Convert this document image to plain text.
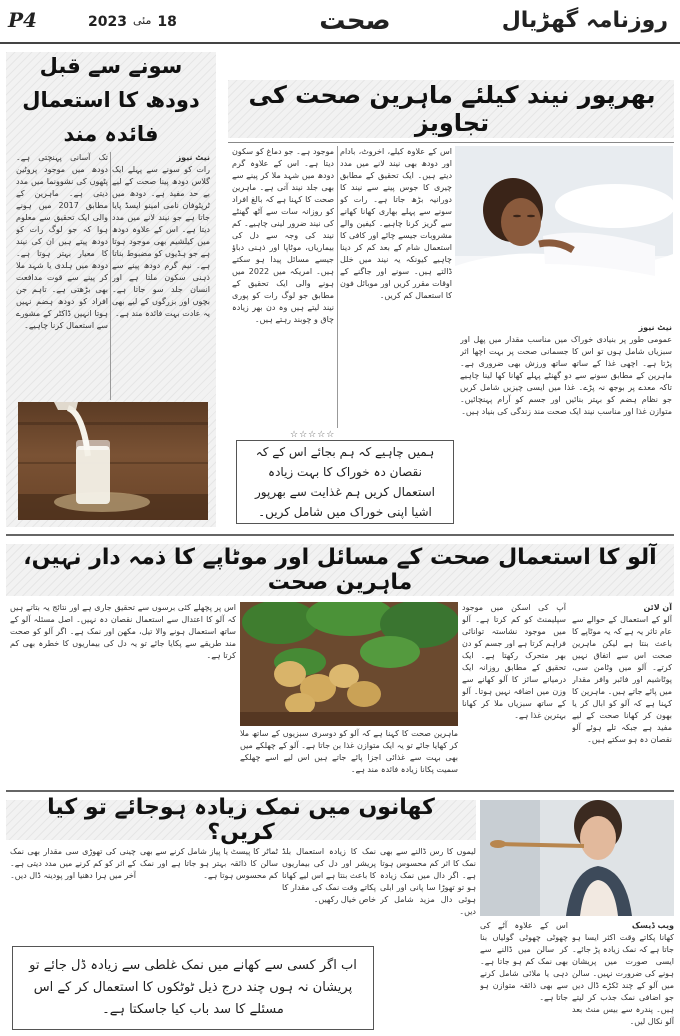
P4	2023 مئی 18	صحت	روزنامہ گھڑیال
سونے سے قبل دودھ کا استعمال فائدہ مند
نیٹ نیوز
رات کو سونے سے پہلے ایک گلاس دودھ پینا صحت کے لیے بے حد مفید ہے۔ دودھ میں ٹرپٹوفان نامی امینو ایسڈ پایا جاتا ہے جو نیند لانے میں مدد دیتا ہے۔ اس کے علاوہ دودھ میں کیلشیم بھی موجود ہوتا ہے جو ہڈیوں کو مضبوط بناتا ہے۔ نیم گرم دودھ پینے سے ذہنی سکون ملتا ہے اور انسان جلد سو جاتا ہے۔ بچوں اور بزرگوں کے لیے بھی یہ عادت بہت فائدہ مند ہے۔
تک آسانی پہنچتی ہے۔ دودھ میں موجود پروٹین پٹھوں کی نشوونما میں مدد دیتی ہے۔ ماہرین کے مطابق 2017 میں ہونے والی ایک تحقیق سے معلوم ہوا کہ جو لوگ رات کو دودھ پیتے ہیں ان کی نیند کا معیار بہتر ہوتا ہے۔ دودھ میں ہلدی یا شہد ملا کر پینے سے قوت مدافعت بھی بڑھتی ہے۔ تاہم جن افراد کو دودھ ہضم نہیں ہوتا انہیں ڈاکٹر کے مشورے سے استعمال کرنا چاہیے۔
بھرپور نیند کیلئے ماہرین صحت کی تجاویز
نیٹ نیوز
عمومی طور پر بنیادی خوراک میں مناسب مقدار میں پھل اور سبزیاں شامل ہوں تو اس کا جسمانی صحت پر بہت اچھا اثر پڑتا ہے۔ اچھی غذا کے ساتھ ساتھ ورزش بھی ضروری ہے۔ ماہرین کے مطابق سونے سے دو گھنٹے پہلے کھانا کھا لینا چاہیے تاکہ معدے پر بوجھ نہ پڑے۔ غذا میں ایسی چیزیں شامل کریں جو نظام ہضم کو بہتر بنائیں اور جسم کو آرام پہنچائیں۔ متوازن غذا اور مناسب نیند ایک صحت مند زندگی کی بنیاد ہیں۔
اس کے علاوہ کیلے، اخروٹ، بادام اور دودھ بھی نیند لانے میں مدد دیتے ہیں۔ ایک تحقیق کے مطابق چیری کا جوس پینے سے نیند کا دورانیہ بڑھ جاتا ہے۔ رات کو سونے سے پہلے بھاری کھانا کھانے سے گریز کرنا چاہیے۔ کیفین والے مشروبات جیسے چائے اور کافی کا استعمال شام کے بعد کم کر دینا چاہیے کیونکہ یہ نیند میں خلل ڈالتے ہیں۔ سونے اور جاگنے کے اوقات مقرر کریں اور موبائل فون کا استعمال کم کریں۔
موجود ہے۔ جو دماغ کو سکون دیتا ہے۔ اس کے علاوہ گرم دودھ میں شہد ملا کر پینے سے بھی جلد نیند آتی ہے۔ ماہرین صحت کا کہنا ہے کہ بالغ افراد کو روزانہ سات سے آٹھ گھنٹے کی نیند ضرور لینی چاہیے۔ کم نیند کی وجہ سے دل کی بیماریاں، موٹاپا اور ذہنی دباؤ جیسے مسائل پیدا ہو سکتے ہیں۔ امریکہ میں 2022 میں ہونے والی ایک تحقیق کے مطابق جو لوگ رات کو پوری نیند لیتے ہیں وہ دن بھر زیادہ چاق و چوبند رہتے ہیں۔
☆☆☆☆☆
ہمیں چاہیے کہ ہم بجائے اس کے کہ نقصان دہ خوراک کا بہت زیادہ استعمال کریں ہم غذایت سے بھرپور اشیا اپنی خوراک میں شامل کریں۔
آلو کا استعمال صحت کے مسائل اور موٹاپے کا ذمہ دار نہیں، ماہرین صحت
آن لائن
آلو کے استعمال کے حوالے سے عام تاثر یہ ہے کہ یہ موٹاپے کا باعث بنتا ہے لیکن ماہرین صحت اس سے اتفاق نہیں کرتے۔ آلو میں وٹامن سی، پوٹاشیم اور فائبر وافر مقدار میں پائے جاتے ہیں۔ ماہرین کا کہنا ہے کہ آلو کو ابال کر یا بھون کر کھانا صحت کے لیے مفید ہے جبکہ تلے ہوئے آلو نقصان دہ ہو سکتے ہیں۔
آپ کی اسکن میں موجود سپلیمنٹ کو کم کرتا ہے۔ آلو میں موجود نشاستہ توانائی فراہم کرتا ہے اور جسم کو دن بھر متحرک رکھتا ہے۔ ایک تحقیق کے مطابق روزانہ ایک درمیانے سائز کا آلو کھانے سے وزن میں اضافہ نہیں ہوتا۔ آلو کے ساتھ سبزیاں ملا کر کھانا بہترین غذا ہے۔
ماہرین صحت کا کہنا ہے کہ آلو کو دوسری سبزیوں کے ساتھ ملا کر کھایا جائے تو یہ ایک متوازن غذا بن جاتا ہے۔ آلو کے چھلکے میں بھی بہت سے غذائی اجزا پائے جاتے ہیں اس لیے اسے چھلکے سمیت پکانا زیادہ فائدہ مند ہے۔
اس پر پچھلے کئی برسوں سے تحقیق جاری ہے اور نتائج یہ بتاتے ہیں کہ آلو کا اعتدال سے استعمال نقصان دہ نہیں۔ اصل مسئلہ آلو کے ساتھ استعمال ہونے والا تیل، مکھن اور نمک ہے۔ اگر آلو کو صحت مند طریقے سے پکایا جائے تو یہ دل کی بیماریوں کا خطرہ بھی کم کرتا ہے۔
کھانوں میں نمک زیادہ ہوجائے تو کیا کریں؟
ویب ڈیسک
کھانا پکاتے وقت اکثر ایسا ہو جاتا ہے کہ نمک زیادہ پڑ جائے۔ ایسی صورت میں پریشان ہونے کی ضرورت نہیں۔ سالن میں آلو کے چند ٹکڑے ڈال دیں جو اضافی نمک جذب کر لیتے ہیں۔ پندرہ سے بیس منٹ بعد آلو نکال لیں۔
اس کے علاوہ آٹے کی چھوٹی چھوٹی گولیاں بنا کر سالن میں ڈالنے سے بھی نمک کم ہو جاتا ہے۔ دہی یا ملائی شامل کرنے سے بھی ذائقہ متوازن ہو جاتا ہے۔
لیموں کا رس ڈالنے سے بھی نمک کا اثر کم محسوس ہوتا ہے۔ اگر دال میں نمک زیادہ ہو تو تھوڑا سا پانی اور ابلی ہوئی دال مزید شامل کر دیں۔
نمک کا زیادہ استعمال بلڈ پریشر اور دل کی بیماریوں کا باعث بنتا ہے اس لیے کھانا پکاتے وقت نمک کی مقدار کا خاص خیال رکھیں۔
ٹماٹر کا پیسٹ یا پیاز شامل کرنے سے بھی سالن کا ذائقہ بہتر ہو جاتا ہے اور نمک کم محسوس ہوتا ہے۔
چینی کی تھوڑی سی مقدار بھی نمک کے اثر کو کم کرنے میں مدد دیتی ہے۔ آخر میں ہرا دھنیا اور پودینہ ڈال دیں۔
اب اگر کسی سے کھانے میں نمک غلطی سے زیادہ ڈل جائے تو پریشان نہ ہوں چند درج ذیل ٹوٹکوں کا استعمال کر کے اس مسئلے کا سد باب کیا جاسکتا ہے۔
